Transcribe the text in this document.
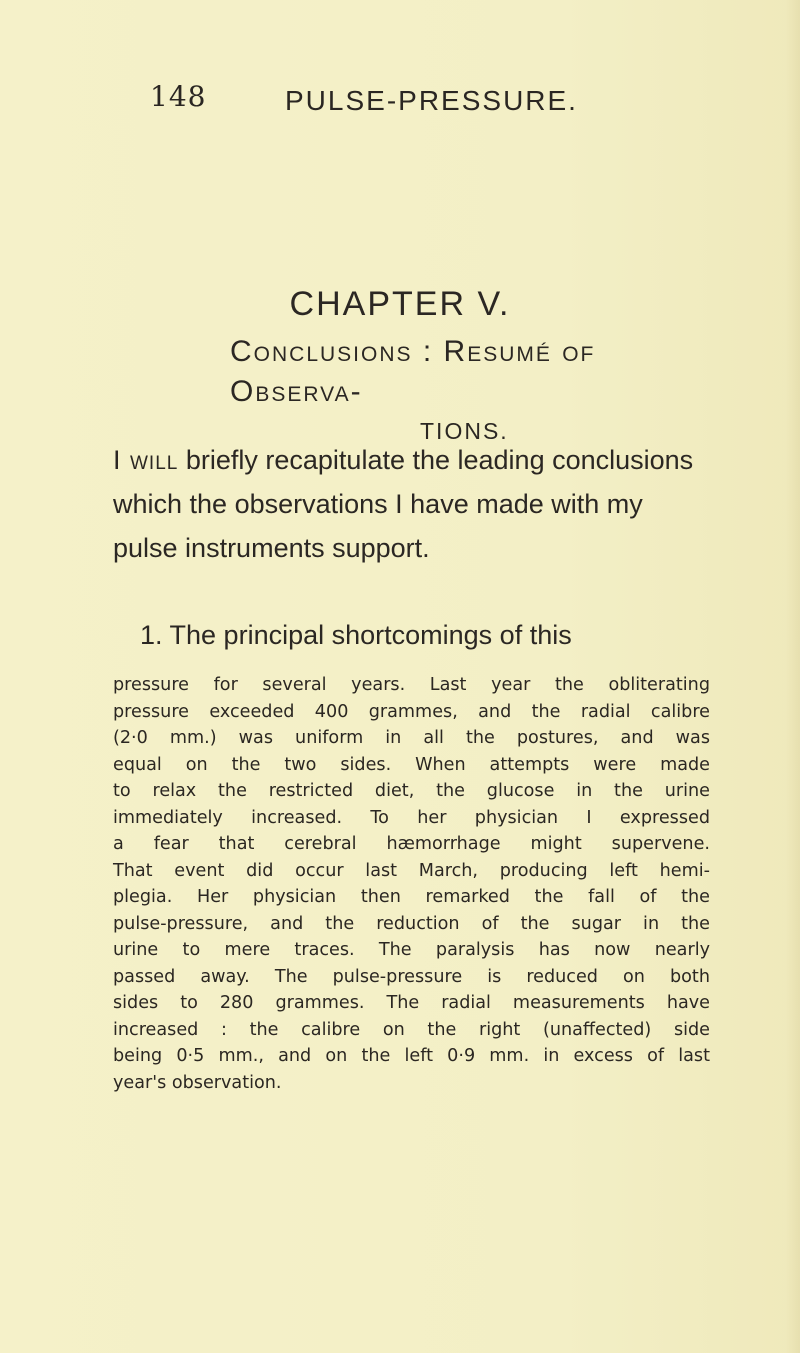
148	PULSE-PRESSURE.
CHAPTER V.
Conclusions : Resumé of Observa-
TIONS.

I will briefly recapitulate the leading conclusions which the observations I have made with my pulse instruments support.

1. The principal shortcomings of this

pressure for several years. Last year the obliterating
pressure exceeded 400 grammes, and the radial calibre
(2·0 mm.) was uniform in all the postures, and was
equal on the two sides. When attempts were made
to relax the restricted diet, the glucose in the urine
immediately increased. To her physician I expressed
a fear that cerebral hæmorrhage might supervene.
That event did occur last March, producing left hemi-
plegia. Her physician then remarked the fall of the
pulse-pressure, and the reduction of the sugar in the
urine to mere traces. The paralysis has now nearly
passed away. The pulse-pressure is reduced on both
sides to 280 grammes. The radial measurements have
increased : the calibre on the right (unaffected) side
being 0·5 mm., and on the left 0·9 mm. in excess of last
year's observation.
